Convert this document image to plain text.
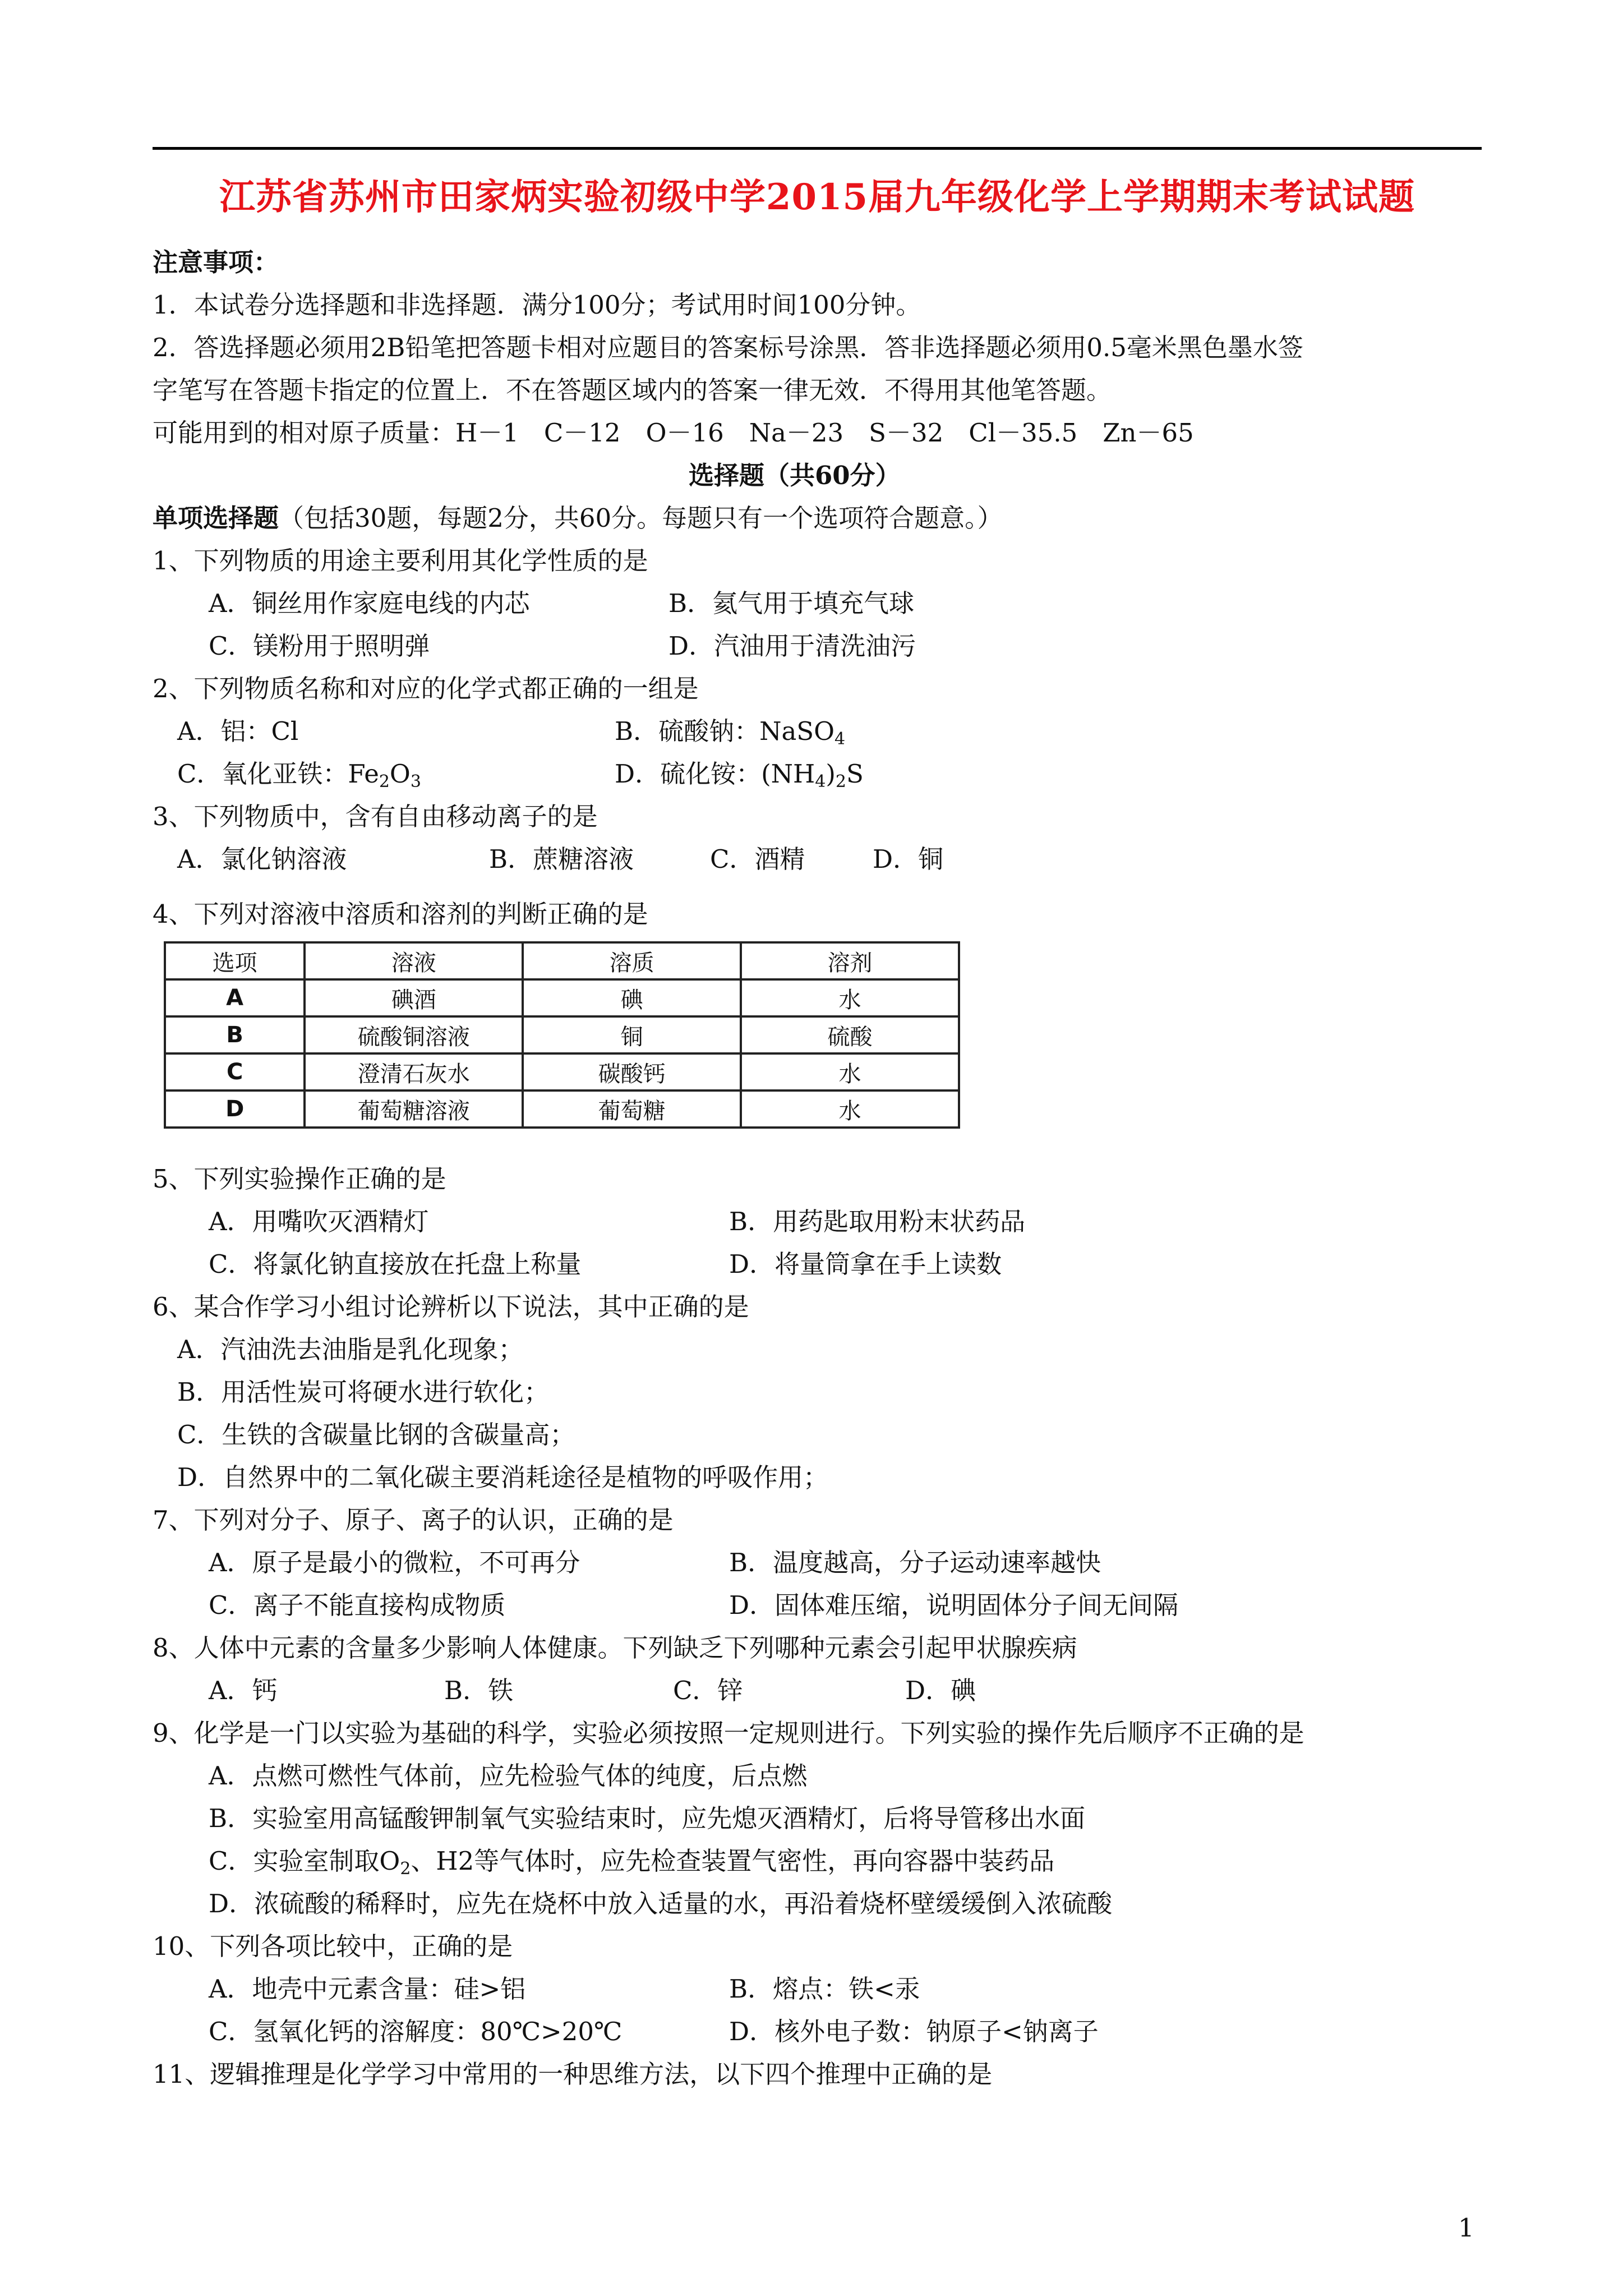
江苏省苏州市田家炳实验初级中学2015届九年级化学上学期期末考试试题
注意事项：
1．本试卷分选择题和非选择题．满分100分；考试用时间100分钟。
2．答选择题必须用2B铅笔把答题卡相对应题目的答案标号涂黑．答非选择题必须用0.5毫米黑色墨水签
字笔写在答题卡指定的位置上．不在答题区域内的答案一律无效．不得用其他笔答题。
可能用到的相对原子质量：H－1　C－12　O－16　Na－23　S－32　Cl－35.5　Zn－65
选择题（共60分）
单项选择题（包括30题，每题2分，共60分。每题只有一个选项符合题意。）
1、下列物质的用途主要利用其化学性质的是
A．铜丝用作家庭电线的内芯	B．氦气用于填充气球
C．镁粉用于照明弹	D．汽油用于清洗油污
2、下列物质名称和对应的化学式都正确的一组是
A．铝：Cl	B．硫酸钠：NaSO$_4$
C．氧化亚铁：$Fe_2O_3$	D．硫化铵：$(NH_4)_2S$
3、下列物质中，含有自由移动离子的是
A．氯化钠溶液	B．蔗糖溶液	C．酒精	D．铜
4、下列对溶液中溶质和溶剂的判断正确的是
选项	溶液	溶质	溶剂
A	碘酒	碘	水
B	硫酸铜溶液	铜	硫酸
C	澄清石灰水	碳酸钙	水
D	葡萄糖溶液	葡萄糖	水
5、下列实验操作正确的是
A．用嘴吹灭酒精灯	B．用药匙取用粉末状药品
C．将氯化钠直接放在托盘上称量	D．将量筒拿在手上读数
6、某合作学习小组讨论辨析以下说法，其中正确的是
A．汽油洗去油脂是乳化现象；
B．用活性炭可将硬水进行软化；
C．生铁的含碳量比钢的含碳量高；
D．自然界中的二氧化碳主要消耗途径是植物的呼吸作用；
7、下列对分子、原子、离子的认识，正确的是
A．原子是最小的微粒，不可再分	B．温度越高，分子运动速率越快
C．离子不能直接构成物质	D．固体难压缩，说明固体分子间无间隔
8、人体中元素的含量多少影响人体健康。下列缺乏下列哪种元素会引起甲状腺疾病
A．钙	B．铁	C．锌	D．碘
9、化学是一门以实验为基础的科学，实验必须按照一定规则进行。下列实验的操作先后顺序不正确的是
A．点燃可燃性气体前，应先检验气体的纯度，后点燃
B．实验室用高锰酸钾制氧气实验结束时，应先熄灭酒精灯，后将导管移出水面
C．实验室制取$O_2$、H2等气体时，应先检查装置气密性，再向容器中装药品
D．浓硫酸的稀释时，应先在烧杯中放入适量的水，再沿着烧杯壁缓缓倒入浓硫酸
10、下列各项比较中，正确的是
A．地壳中元素含量：硅>铝	B．熔点：铁<汞
C．氢氧化钙的溶解度：80℃>20℃	D．核外电子数：钠原子<钠离子
11、逻辑推理是化学学习中常用的一种思维方法，以下四个推理中正确的是
1
